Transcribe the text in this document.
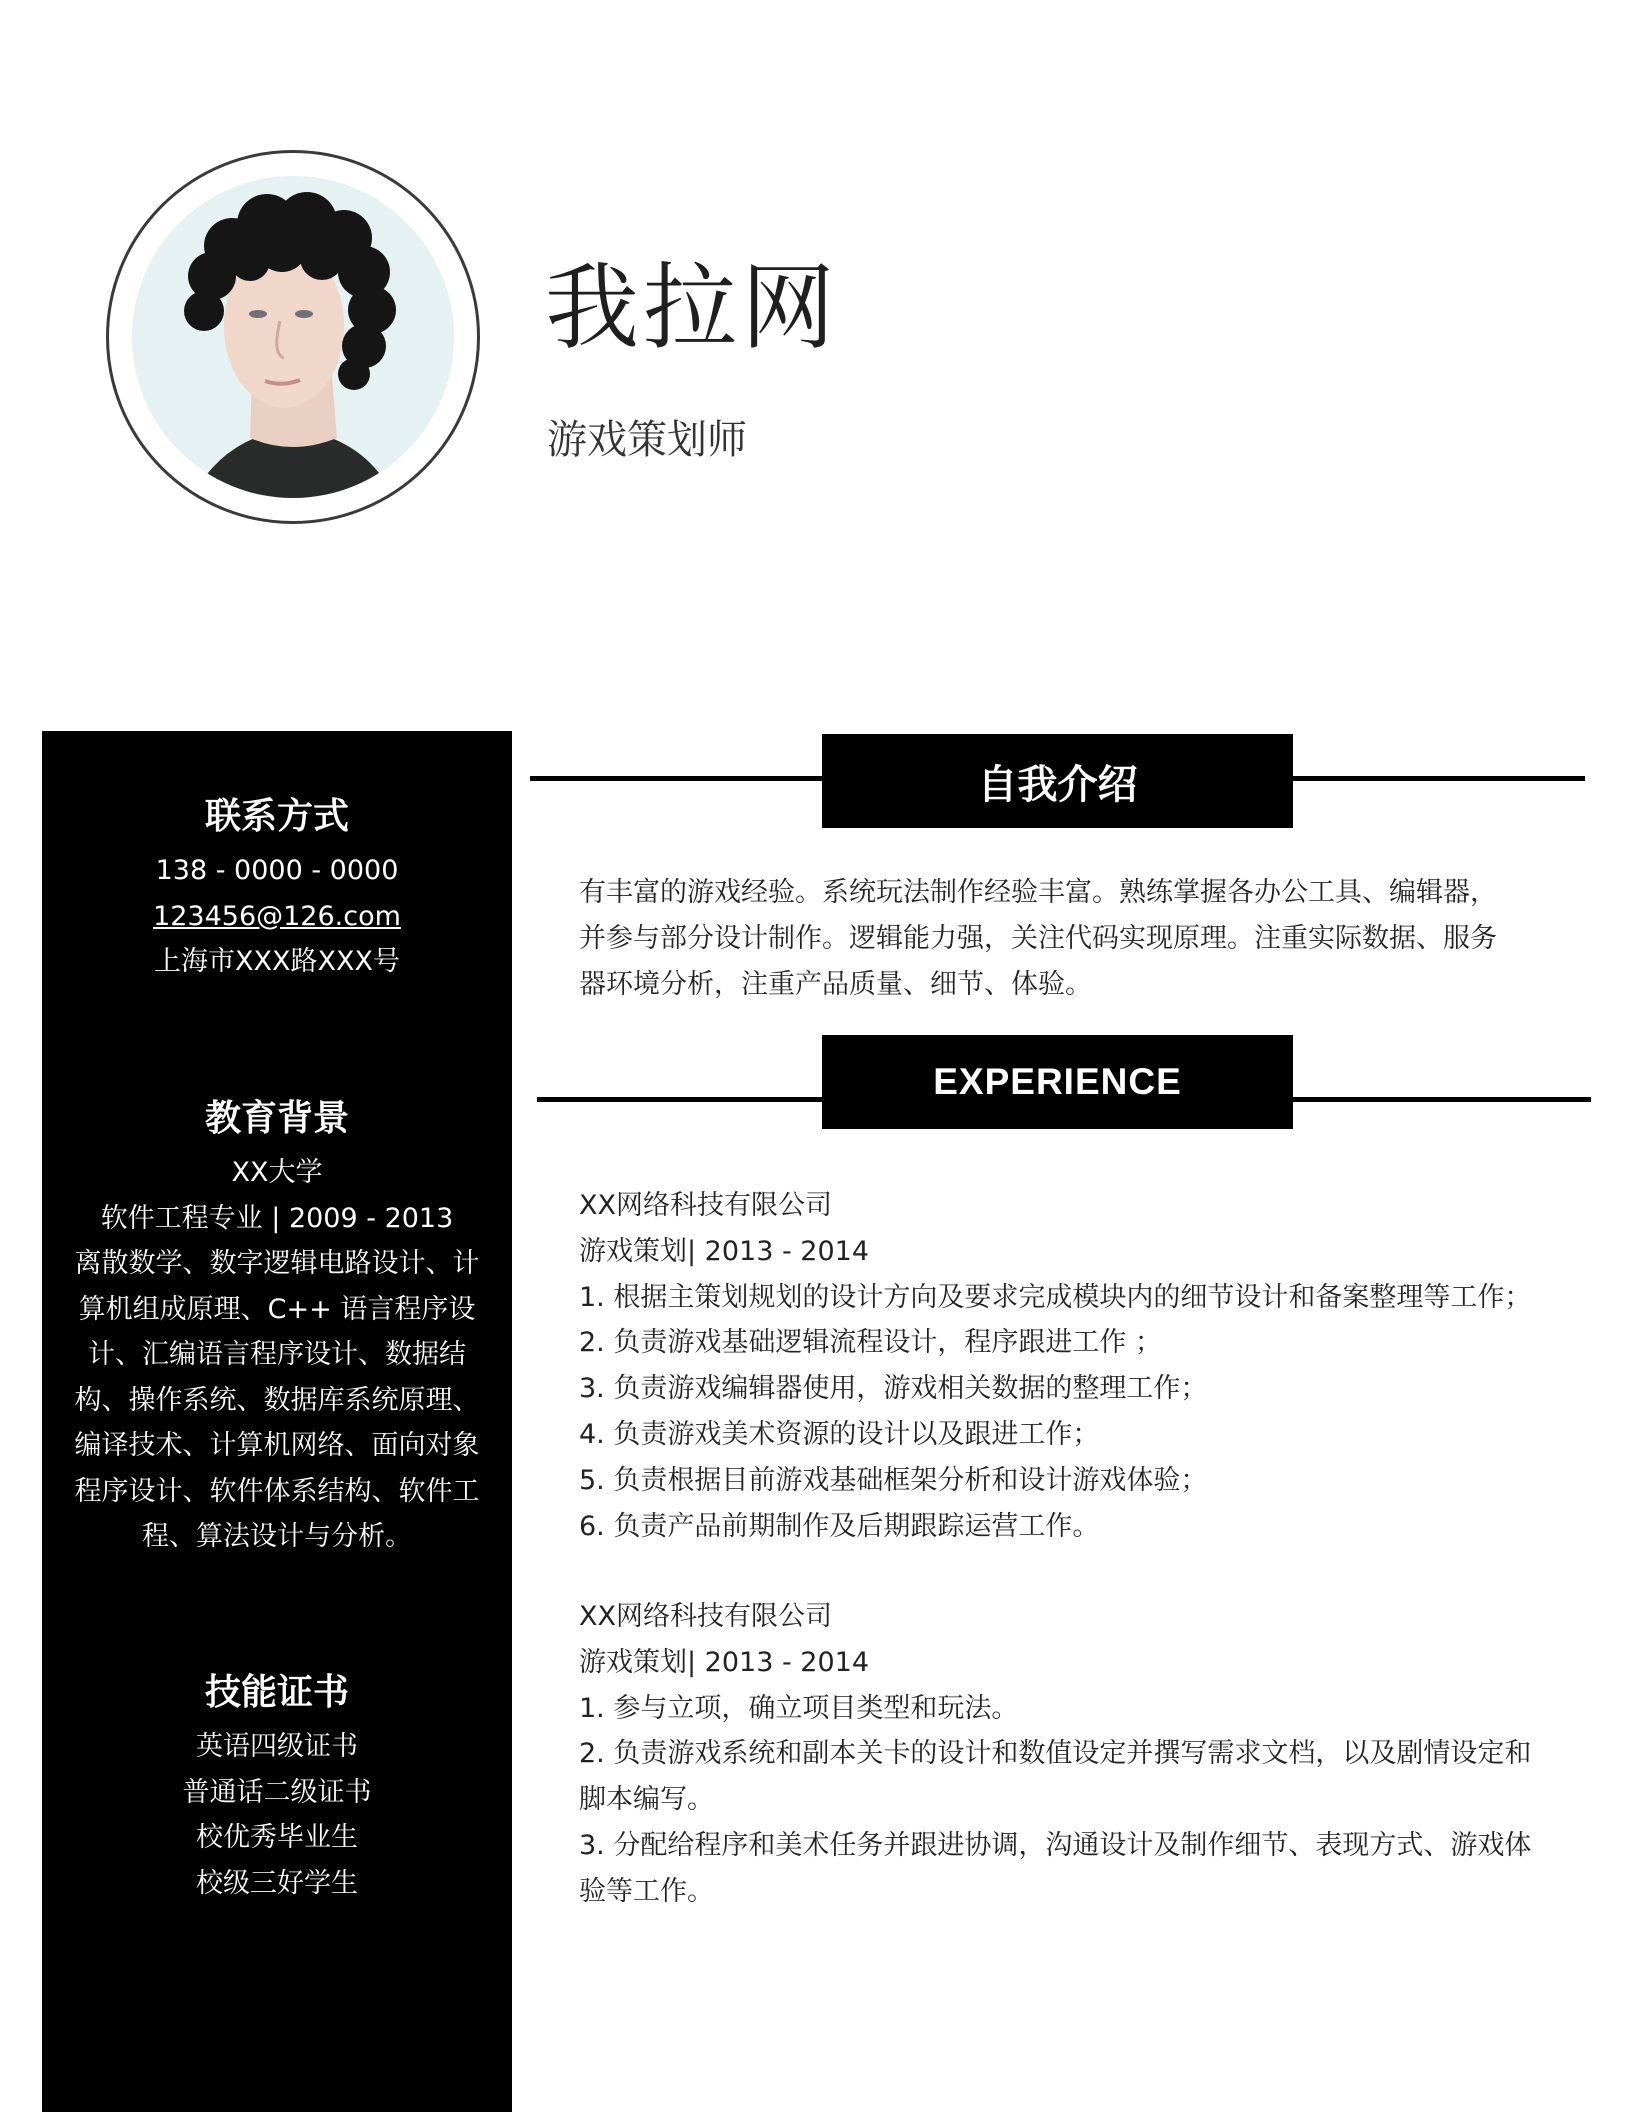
我拉网
游戏策划师
联系方式
138 - 0000 - 0000
123456@126.com
上海市XXX路XXX号
教育背景
XX大学
软件工程专业 | 2009 - 2013
离散数学、数字逻辑电路设计、计
算机组成原理、C++ 语言程序设
计、汇编语言程序设计、数据结
构、操作系统、数据库系统原理、
编译技术、计算机网络、面向对象
程序设计、软件体系结构、软件工
程、算法设计与分析。
技能证书
英语四级证书
普通话二级证书
校优秀毕业生
校级三好学生
自我介绍
有丰富的游戏经验。系统玩法制作经验丰富。熟练掌握各办公工具、编辑器，
并参与部分设计制作。逻辑能力强，关注代码实现原理。注重实际数据、服务
器环境分析，注重产品质量、细节、体验。
EXPERIENCE
XX网络科技有限公司
游戏策划| 2013 - 2014
1. 根据主策划规划的设计方向及要求完成模块内的细节设计和备案整理等工作；
2. 负责游戏基础逻辑流程设计，程序跟进工作 ；
3. 负责游戏编辑器使用，游戏相关数据的整理工作；
4. 负责游戏美术资源的设计以及跟进工作；
5. 负责根据目前游戏基础框架分析和设计游戏体验；
6. 负责产品前期制作及后期跟踪运营工作。
XX网络科技有限公司
游戏策划| 2013 - 2014
1. 参与立项，确立项目类型和玩法。
2. 负责游戏系统和副本关卡的设计和数值设定并撰写需求文档，以及剧情设定和
脚本编写。
3. 分配给程序和美术任务并跟进协调，沟通设计及制作细节、表现方式、游戏体
验等工作。
